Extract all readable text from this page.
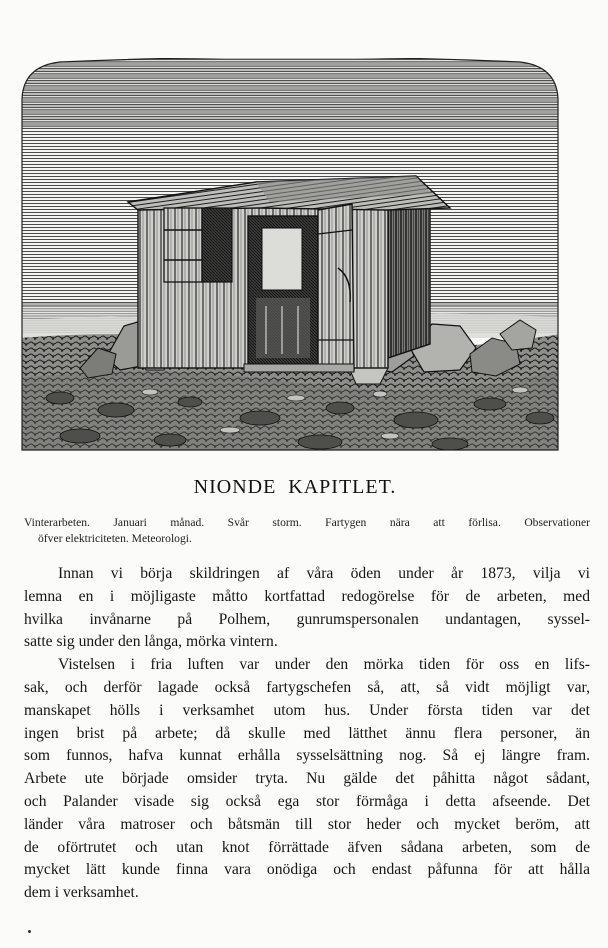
NIONDE KAPITLET.
Vinterarbeten. Januari månad. Svår storm. Fartygen nära att förlisa. Observationer
öfver elektriciteten. Meteorologi.

Innan vi börja skildringen af våra öden under år 1873, vilja vi
lemna en i möjligaste måtto kortfattad redogörelse för de arbeten, med
hvilka invånarne på Polhem, gunrumspersonalen undantagen, syssel-
satte sig under den långa, mörka vintern.

Vistelsen i fria luften var under den mörka tiden för oss en lifs-
sak, och derför lagade också fartygschefen så, att, så vidt möjligt var,
manskapet hölls i verksamhet utom hus. Under första tiden var det
ingen brist på arbete; då skulle med lätthet ännu flera personer, än
som funnos, hafva kunnat erhålla sysselsättning nog. Så ej längre fram.
Arbete ute började omsider tryta. Nu gälde det påhitta något sådant,
och Palander visade sig också ega stor förmåga i detta afseende. Det
länder våra matroser och båtsmän till stor heder och mycket beröm, att
de oförtrutet och utan knot förrättade äfven sådana arbeten, som de
mycket lätt kunde finna vara onödiga och endast påfunna för att hålla
dem i verksamhet.
